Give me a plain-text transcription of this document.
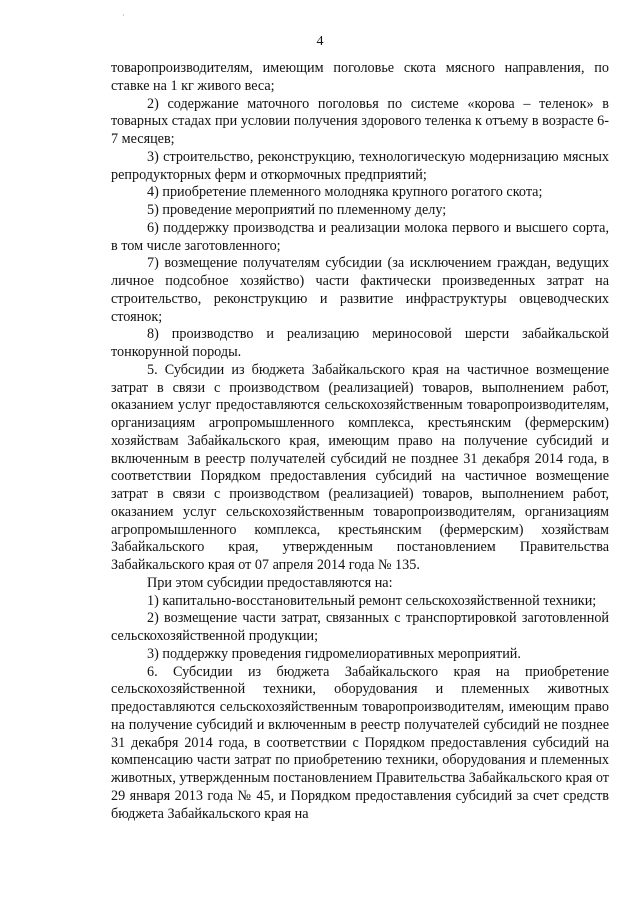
·
4

товаропроизводителям, имеющим поголовье скота мясного направления, по ставке на 1 кг живого веса;

2) содержание маточного поголовья по системе «корова – теленок» в товарных стадах при условии получения здорового теленка к отъему в возрасте 6-7 месяцев;

3) строительство, реконструкцию, технологическую модернизацию мясных репродукторных ферм и откормочных предприятий;

4) приобретение племенного молодняка крупного рогатого скота;

5) проведение мероприятий по племенному делу;

6) поддержку производства и реализации молока первого и высшего сорта, в том числе заготовленного;

7) возмещение получателям субсидии (за исключением граждан, ведущих личное подсобное хозяйство) части фактически произведенных затрат на строительство, реконструкцию и развитие инфраструктуры овцеводческих стоянок;

8) производство и реализацию мериносовой шерсти забайкальской тонкорунной породы.

5. Субсидии из бюджета Забайкальского края на частичное возмещение затрат в связи с производством (реализацией) товаров, выполнением работ, оказанием услуг предоставляются сельскохозяйственным товаропроизводителям, организациям агропромышленного комплекса, крестьянским (фермерским) хозяйствам Забайкальского края, имеющим право на получение субсидий и включенным в реестр получателей субсидий не позднее 31 декабря 2014 года, в соответствии Порядком предоставления субсидий на частичное возмещение затрат в связи с производством (реализацией) товаров, выполнением работ, оказанием услуг сельскохозяйственным товаропроизводителям, организациям агропромышленного комплекса, крестьянским (фермерским) хозяйствам Забайкальского края, утвержденным постановлением Правительства Забайкальского края от 07 апреля 2014 года № 135.

При этом субсидии предоставляются на:

1) капитально-восстановительный ремонт сельскохозяйственной техники;

2) возмещение части затрат, связанных с транспортировкой заготовленной сельскохозяйственной продукции;

3) поддержку проведения гидромелиоративных мероприятий.

6. Субсидии из бюджета Забайкальского края на приобретение сельскохозяйственной техники, оборудования и племенных животных предоставляются сельскохозяйственным товаропроизводителям, имеющим право на получение субсидий и включенным в реестр получателей субсидий не позднее 31 декабря 2014 года, в соответствии с Порядком предоставления субсидий на компенсацию части затрат по приобретению техники, оборудования и племенных животных, утвержденным постановлением Правительства Забайкальского края от 29 января 2013 года № 45, и Порядком предоставления субсидий за счет средств бюджета Забайкальского края на
